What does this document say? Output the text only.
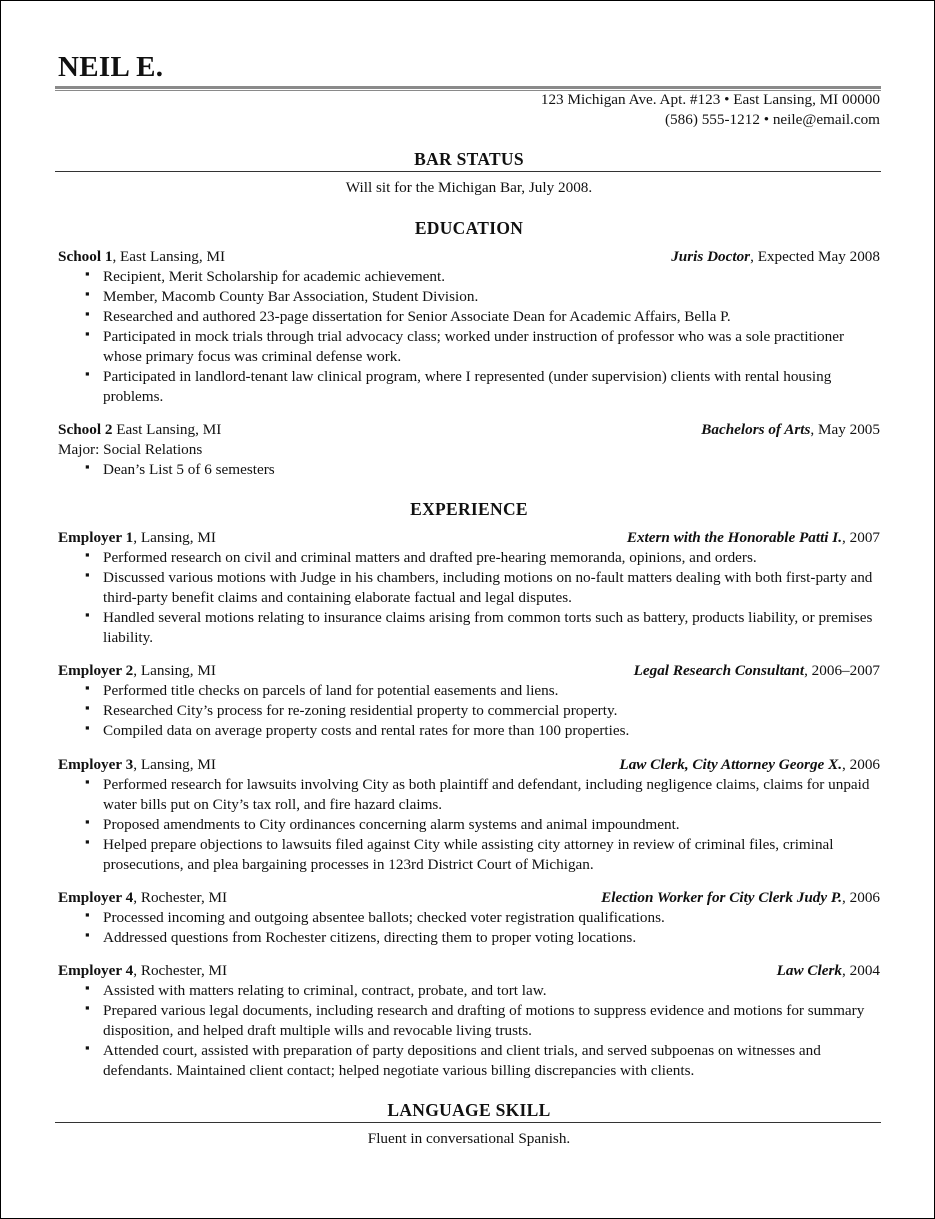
NEIL E.
123 Michigan Ave. Apt. #123 • East Lansing, MI 00000
(586) 555-1212 • neile@email.com
BAR STATUS
Will sit for the Michigan Bar, July 2008.
EDUCATION
School 1, East Lansing, MI	Juris Doctor, Expected May 2008
▪ Recipient, Merit Scholarship for academic achievement.
▪ Member, Macomb County Bar Association, Student Division.
▪ Researched and authored 23-page dissertation for Senior Associate Dean for Academic Affairs, Bella P.
▪ Participated in mock trials through trial advocacy class; worked under instruction of professor who was a sole practitioner whose primary focus was criminal defense work.
▪ Participated in landlord-tenant law clinical program, where I represented (under supervision) clients with rental housing problems.
School 2 East Lansing, MI	Bachelors of Arts, May 2005
Major: Social Relations
▪ Dean’s List 5 of 6 semesters
EXPERIENCE
Employer 1, Lansing, MI	Extern with the Honorable Patti I., 2007
▪ Performed research on civil and criminal matters and drafted pre-hearing memoranda, opinions, and orders.
▪ Discussed various motions with Judge in his chambers, including motions on no-fault matters dealing with both first-party and third-party benefit claims and containing elaborate factual and legal disputes.
▪ Handled several motions relating to insurance claims arising from common torts such as battery, products liability, or premises liability.
Employer 2, Lansing, MI	Legal Research Consultant, 2006–2007
▪ Performed title checks on parcels of land for potential easements and liens.
▪ Researched City’s process for re-zoning residential property to commercial property.
▪ Compiled data on average property costs and rental rates for more than 100 properties.
Employer 3, Lansing, MI	Law Clerk, City Attorney George X., 2006
▪ Performed research for lawsuits involving City as both plaintiff and defendant, including negligence claims, claims for unpaid water bills put on City’s tax roll, and fire hazard claims.
▪ Proposed amendments to City ordinances concerning alarm systems and animal impoundment.
▪ Helped prepare objections to lawsuits filed against City while assisting city attorney in review of criminal files, criminal prosecutions, and plea bargaining processes in 123rd District Court of Michigan.
Employer 4, Rochester, MI	Election Worker for City Clerk Judy P., 2006
▪ Processed incoming and outgoing absentee ballots; checked voter registration qualifications.
▪ Addressed questions from Rochester citizens, directing them to proper voting locations.
Employer 4, Rochester, MI	Law Clerk, 2004
▪ Assisted with matters relating to criminal, contract, probate, and tort law.
▪ Prepared various legal documents, including research and drafting of motions to suppress evidence and motions for summary disposition, and helped draft multiple wills and revocable living trusts.
▪ Attended court, assisted with preparation of party depositions and client trials, and served subpoenas on witnesses and defendants. Maintained client contact; helped negotiate various billing discrepancies with clients.
LANGUAGE SKILL
Fluent in conversational Spanish.
